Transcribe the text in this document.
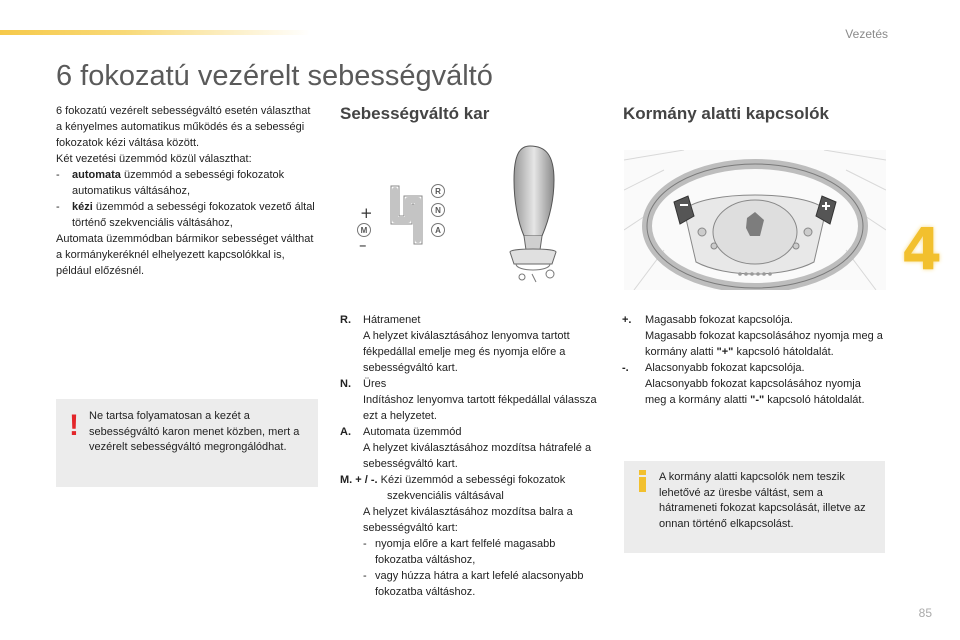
Vezetés
4
6 fokozatú vezérelt sebességváltó
6 fokozatú vezérelt sebességváltó esetén választhat a kényelmes automatikus működés és a sebességi fokozatok kézi váltása között.
Két vezetési üzemmód közül választhat:
-	automata üzemmód a sebességi fokozatok automatikus váltásához,
-	kézi üzemmód a sebességi fokozatok vezető által történő szekvenciális váltásához,
Automata üzemmódban bármikor sebességet válthat a kormánykeréknél elhelyezett kapcsolókkal is, például előzésnél.
! Ne tartsa folyamatosan a kezét a sebességváltó karon menet közben, mert a vezérelt sebességváltó megrongálódhat.
Sebességváltó kar	Kormány alatti kapcsolók
R
N
A
M
+
–
R.	Hátramenet
A helyzet kiválasztásához lenyomva tartott fékpedállal emelje meg és nyomja előre a sebességváltó kart.
N.	Üres
Indításhoz lenyomva tartott fékpedállal válassza ezt a helyzetet.
A.	Automata üzemmód
A helyzet kiválasztásához mozdítsa hátrafelé a sebességváltó kart.
M. + / -. Kézi üzemmód a sebességi fokozatok
szekvenciális váltásával
A helyzet kiválasztásához mozdítsa balra a sebességváltó kart:
- nyomja előre a kart felfelé magasabb fokozatba váltáshoz,
- vagy húzza hátra a kart lefelé alacsonyabb fokozatba váltáshoz.
+.	Magasabb fokozat kapcsolója.
Magasabb fokozat kapcsolásához nyomja meg a kormány alatti "+" kapcsoló hátoldalát.
-.	Alacsonyabb fokozat kapcsolója.
Alacsonyabb fokozat kapcsolásához nyomja meg a kormány alatti "-" kapcsoló hátoldalát.
A kormány alatti kapcsolók nem teszik lehetővé az üresbe váltást, sem a hátrameneti fokozat kapcsolását, illetve az onnan történő elkapcsolást.
85
